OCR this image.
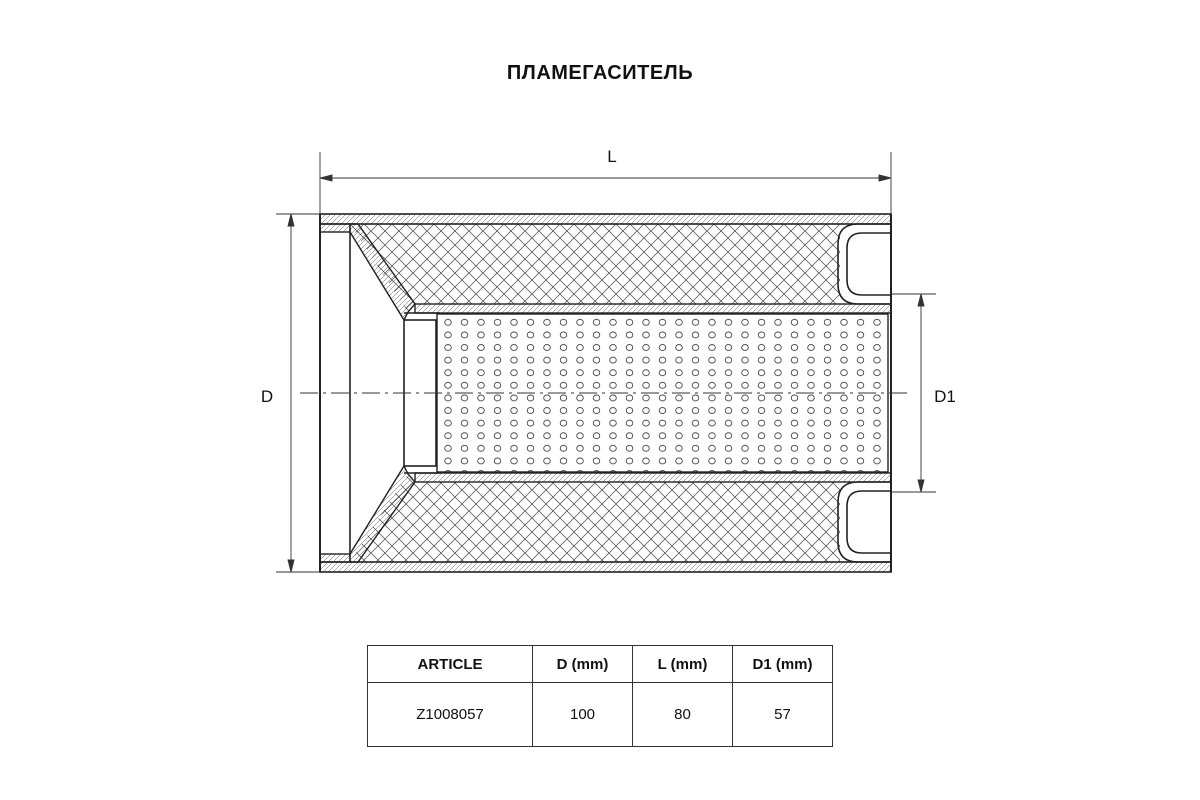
ПЛАМЕГАСИТЕЛЬ
L
D	D1
ARTICLE	D (mm)	L (mm)	D1 (mm)
Z1008057	100	80	57
